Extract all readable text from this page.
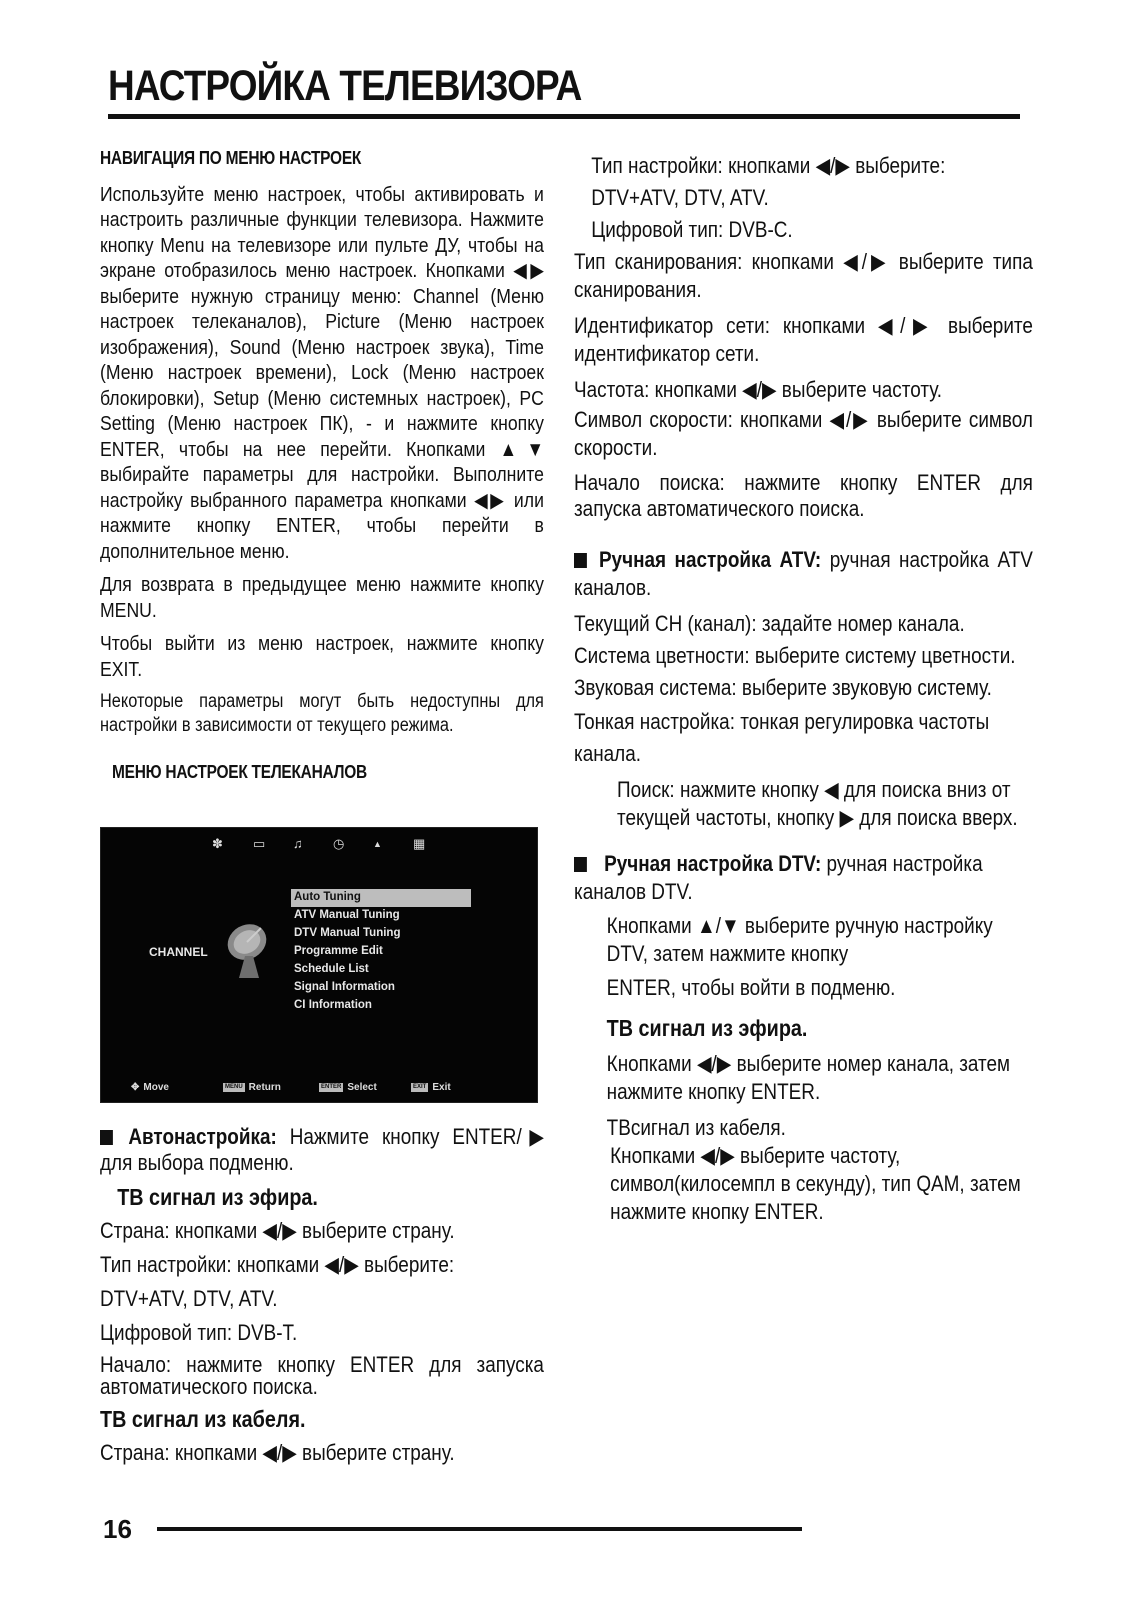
НАСТРОЙКА ТЕЛЕВИЗОРА
НАВИГАЦИЯ ПО МЕНЮ НАСТРОЕК
Используйте меню настроек, чтобы активировать и настроить различные функции телевизора. Нажмите кнопку Menu на телевизоре или пульте ДУ, чтобы на экране отобразилось меню настроек. Кнопками ◀▶ выберите нужную страницу меню: Channel (Меню настроек телеканалов), Picture (Меню настроек изображения), Sound (Меню настроек звука), Time (Меню настроек времени), Lock (Меню настроек блокировки), Setup (Меню системных настроек), PC Setting (Меню настроек ПК), - и нажмите кнопку ENTER, чтобы на нее перейти. Кнопками ▲▼ выбирайте параметры для настройки. Выполните настройку выбранного параметра кнопками ◀▶ или нажмите кнопку ENTER, чтобы перейти в дополнительное меню.
Для возврата в предыдущее меню нажмите кнопку MENU.
Чтобы выйти из меню настроек, нажмите кнопку EXIT.
Некоторые параметры могут быть недоступны для настройки в зависимости от текущего режима.
МЕНЮ НАСТРОЕК ТЕЛЕКАНАЛОВ
✽ ▭ ♫ ◷	▲ ▦
CHANNEL
Auto Tuning
ATV Manual Tuning
DTV Manual Tuning
Programme Edit
Schedule List
Signal Information
CI Information
✥ Move	MENU Return	ENTER Select	EXIT Exit
Автонастройка: Нажмите кнопку ENTER/▶ для выбора подменю.
ТВ сигнал из эфира.
Страна: кнопками ◀/▶ выберите страну.
Тип настройки: кнопками ◀/▶ выберите:
DTV+ATV, DTV, ATV.
Цифровой тип: DVB-T.
Начало: нажмите кнопку ENTER для запуска автоматического поиска.
ТВ сигнал из кабеля.
Страна: кнопками ◀/▶ выберите страну.
Тип настройки: кнопками ◀/▶ выберите:
DTV+ATV, DTV, ATV.
Цифровой тип: DVB-C.
Тип сканирования: кнопками ◀/▶ выберите типа сканирования.
Идентификатор сети: кнопками ◀/▶ выберите идентификатор сети.
Частота: кнопками ◀/▶ выберите частоту.
Символ скорости: кнопками ◀/▶ выберите символ скорости.
Начало поиска: нажмите кнопку ENTER для запуска автоматического поиска.
Ручная настройка ATV: ручная настройка ATV каналов.
Текущий CH (канал): задайте номер канала.
Система цветности: выберите систему цветности.
Звуковая система: выберите звуковую систему.
Тонкая настройка: тонкая регулировка частоты канала.
Поиск: нажмите кнопку ◀ для поиска вниз от текущей частоты, кнопку ▶ для поиска вверх.
Ручная настройка DTV: ручная настройка каналов DTV.
Кнопками ▲/▼ выберите ручную настройку DTV, затем нажмите кнопку
ENTER, чтобы войти в подменю.
ТВ сигнал из эфира.
Кнопками ◀/▶ выберите номер канала, затем нажмите кнопку ENTER.
ТВсигнал из кабеля.
Кнопками ◀/▶ выберите частоту, символ(килосемпл в секунду), тип QAM, затем нажмите кнопку ENTER.
16
